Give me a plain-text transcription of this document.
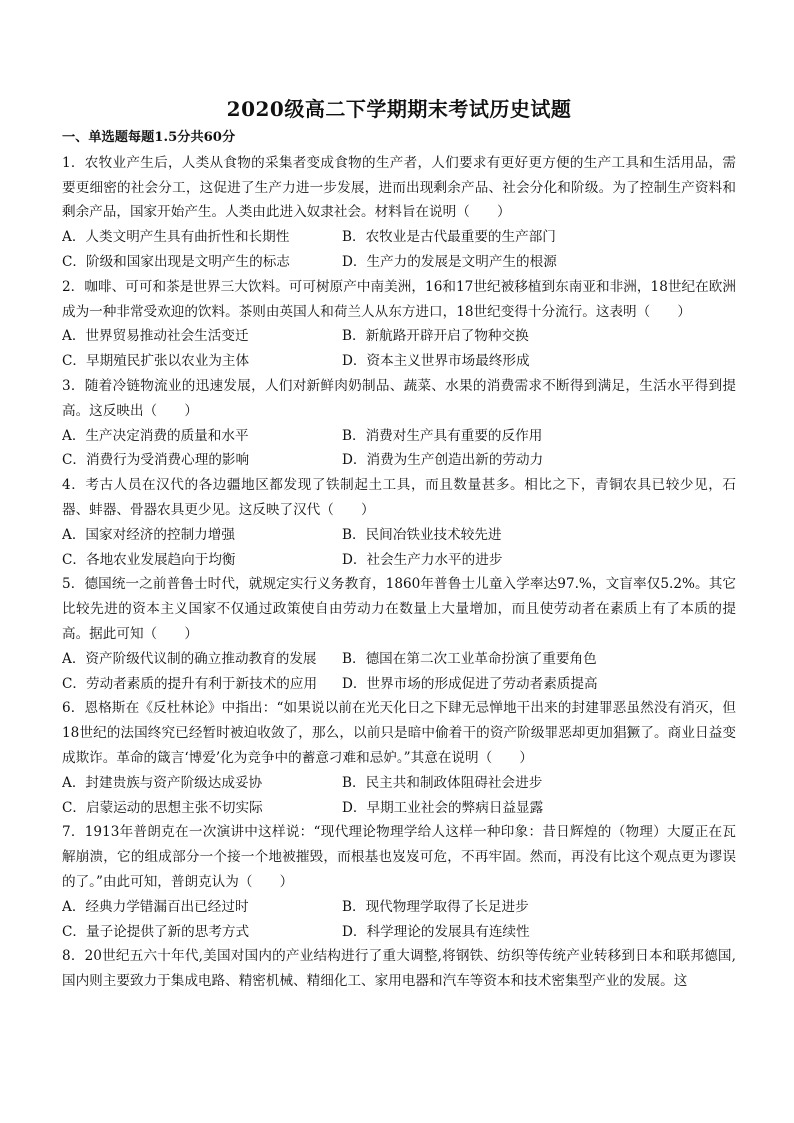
2020级高二下学期期末考试历史试题
一、单选题每题1.5分共60分
1．农牧业产生后，人类从食物的采集者变成食物的生产者，人们要求有更好更方便的生产工具和生活用品，需要更细密的社会分工，这促进了生产力进一步发展，进而出现剩余产品、社会分化和阶级。为了控制生产资料和剩余产品，国家开始产生。人类由此进入奴隶社会。材料旨在说明（　　）
A．人类文明产生具有曲折性和长期性	B．农牧业是古代最重要的生产部门
C．阶级和国家出现是文明产生的标志	D．生产力的发展是文明产生的根源
2．咖啡、可可和茶是世界三大饮料。可可树原产中南美洲，16和17世纪被移植到东南亚和非洲，18世纪在欧洲成为一种非常受欢迎的饮料。茶则由英国人和荷兰人从东方进口，18世纪变得十分流行。这表明（　　）
A．世界贸易推动社会生活变迁	B．新航路开辟开启了物种交换
C．早期殖民扩张以农业为主体	D．资本主义世界市场最终形成
3．随着冷链物流业的迅速发展，人们对新鲜肉奶制品、蔬菜、水果的消费需求不断得到满足，生活水平得到提高。这反映出（　　）
A．生产决定消费的质量和水平	B．消费对生产具有重要的反作用
C．消费行为受消费心理的影响	D．消费为生产创造出新的劳动力
4．考古人员在汉代的各边疆地区都发现了铁制起土工具，而且数量甚多。相比之下，青铜农具已较少见，石器、蚌器、骨器农具更少见。这反映了汉代（　　）
A．国家对经济的控制力增强	B．民间冶铁业技术较先进
C．各地农业发展趋向于均衡	D．社会生产力水平的进步
5．德国统一之前普鲁士时代，就规定实行义务教育，1860年普鲁士儿童入学率达97.%，文盲率仅5.2%。其它比较先进的资本主义国家不仅通过政策使自由劳动力在数量上大量增加，而且使劳动者在素质上有了本质的提高。据此可知（　　）
A．资产阶级代议制的确立推动教育的发展	B．德国在第二次工业革命扮演了重要角色
C．劳动者素质的提升有利于新技术的应用	D．世界市场的形成促进了劳动者素质提高
6．恩格斯在《反杜林论》中指出：“如果说以前在光天化日之下肆无忌惮地干出来的封建罪恶虽然没有消灭，但18世纪的法国终究已经暂时被迫收敛了，那么，以前只是暗中偷着干的资产阶级罪恶却更加猖獗了。商业日益变成欺诈。革命的箴言‘博爱’化为竞争中的蓄意刁难和忌妒。”其意在说明（　　）
A．封建贵族与资产阶级达成妥协	B．民主共和制政体阻碍社会进步
C．启蒙运动的思想主张不切实际	D．早期工业社会的弊病日益显露
7．1913年普朗克在一次演讲中这样说：“现代理论物理学给人这样一种印象：昔日辉煌的（物理）大厦正在瓦解崩溃，它的组成部分一个接一个地被摧毁，而根基也岌岌可危，不再牢固。然而，再没有比这个观点更为谬误的了。”由此可知，普朗克认为（　　）
A．经典力学错漏百出已经过时	B．现代物理学取得了长足进步
C．量子论提供了新的思考方式	D．科学理论的发展具有连续性
8．20世纪五六十年代,美国对国内的产业结构进行了重大调整,将钢铁、纺织等传统产业转移到日本和联邦德国,国内则主要致力于集成电路、精密机械、精细化工、家用电器和汽车等资本和技术密集型产业的发展。这
